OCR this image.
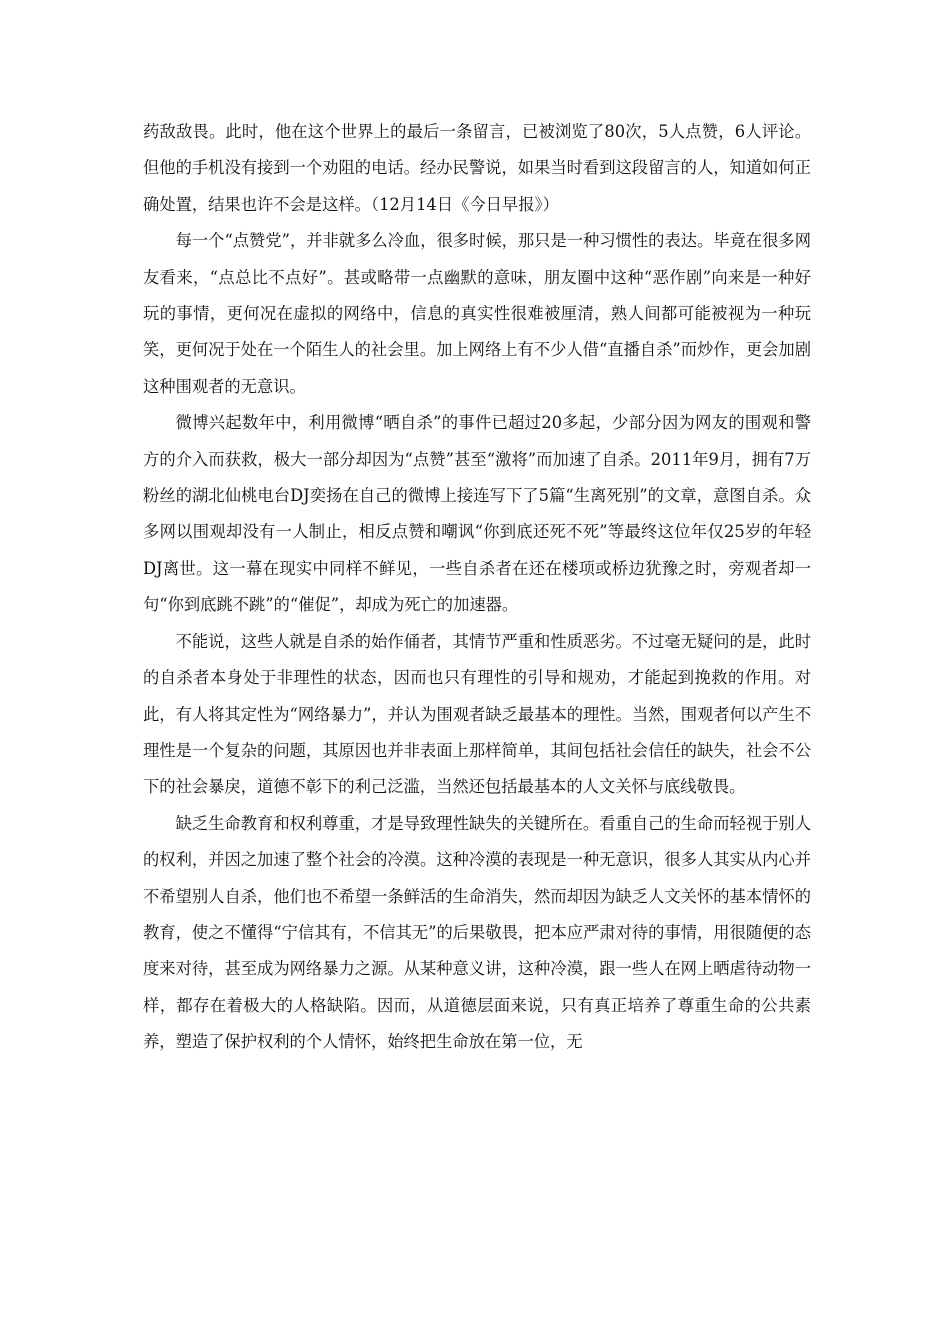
药敌敌畏。此时，他在这个世界上的最后一条留言，已被浏览了80次，5人点赞，6人评论。但他的手机没有接到一个劝阻的电话。经办民警说，如果当时看到这段留言的人，知道如何正确处置，结果也许不会是这样。（12月14日《今日早报》）

每一个“点赞党”，并非就多么冷血，很多时候，那只是一种习惯性的表达。毕竟在很多网友看来，“点总比不点好”。甚或略带一点幽默的意味，朋友圈中这种“恶作剧”向来是一种好玩的事情，更何况在虚拟的网络中，信息的真实性很难被厘清，熟人间都可能被视为一种玩笑，更何况于处在一个陌生人的社会里。加上网络上有不少人借“直播自杀”而炒作，更会加剧这种围观者的无意识。

微博兴起数年中，利用微博“晒自杀”的事件已超过20多起，少部分因为网友的围观和警方的介入而获救，极大一部分却因为“点赞”甚至“激将”而加速了自杀。2011年9月，拥有7万粉丝的湖北仙桃电台DJ奕扬在自己的微博上接连写下了5篇“生离死别”的文章，意图自杀。众多网以围观却没有一人制止，相反点赞和嘲讽“你到底还死不死”等最终这位年仅25岁的年轻DJ离世。这一幕在现实中同样不鲜见，一些自杀者在还在楼项或桥边犹豫之时，旁观者却一句“你到底跳不跳”的“催促”，却成为死亡的加速器。

不能说，这些人就是自杀的始作俑者，其情节严重和性质恶劣。不过毫无疑问的是，此时的自杀者本身处于非理性的状态，因而也只有理性的引导和规劝，才能起到挽救的作用。对此，有人将其定性为“网络暴力”，并认为围观者缺乏最基本的理性。当然，围观者何以产生不理性是一个复杂的问题，其原因也并非表面上那样简单，其间包括社会信任的缺失，社会不公下的社会暴戾，道德不彰下的利己泛滥，当然还包括最基本的人文关怀与底线敬畏。

缺乏生命教育和权利尊重，才是导致理性缺失的关键所在。看重自己的生命而轻视于别人的权利，并因之加速了整个社会的冷漠。这种冷漠的表现是一种无意识，很多人其实从内心并不希望别人自杀，他们也不希望一条鲜活的生命消失，然而却因为缺乏人文关怀的基本情怀的教育，使之不懂得“宁信其有，不信其无”的后果敬畏，把本应严肃对待的事情，用很随便的态度来对待，甚至成为网络暴力之源。从某种意义讲，这种冷漠，跟一些人在网上晒虐待动物一样，都存在着极大的人格缺陷。因而，从道德层面来说，只有真正培养了尊重生命的公共素养，塑造了保护权利的个人情怀，始终把生命放在第一位，无
